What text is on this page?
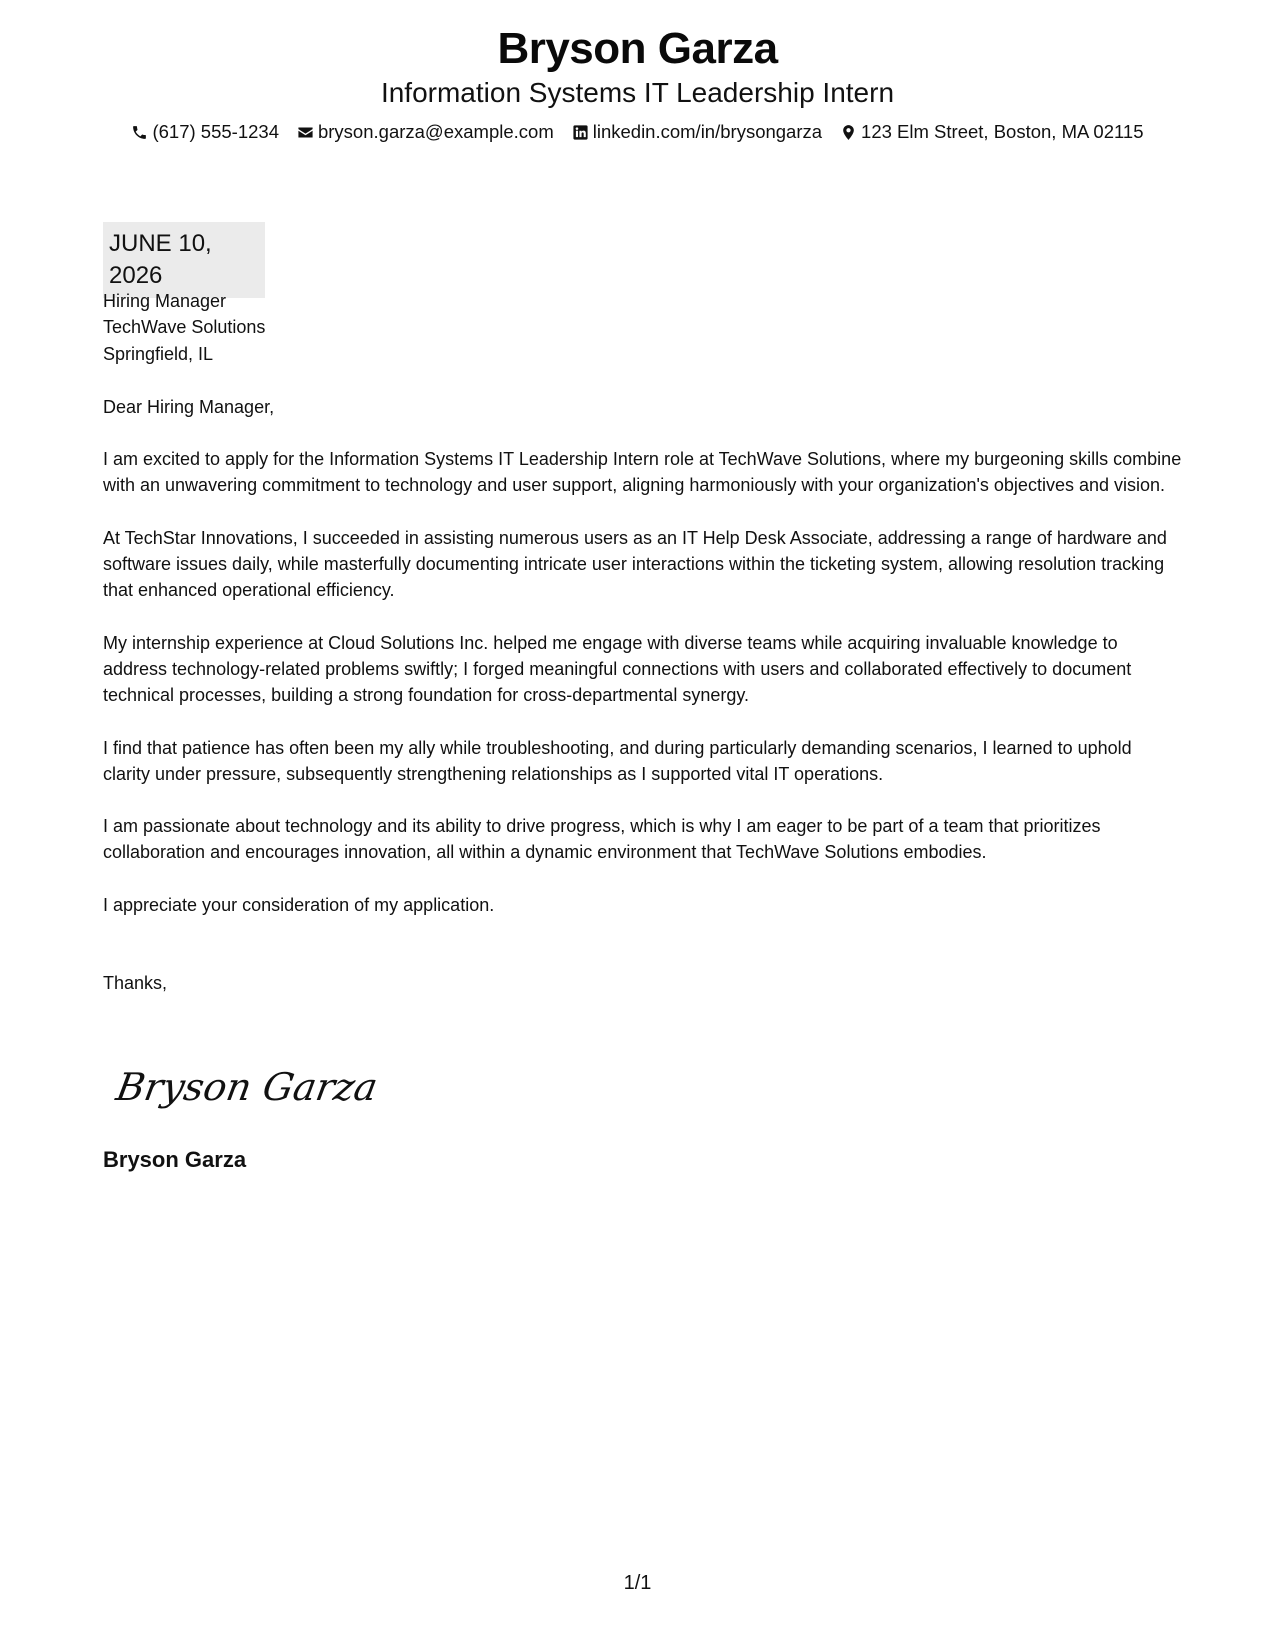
Bryson Garza
Information Systems IT Leadership Intern
(617) 555-1234 bryson.garza@example.com linkedin.com/in/brysongarza 123 Elm Street, Boston, MA 02115
JUNE 10, 2026
Hiring Manager
TechWave Solutions
Springfield, IL
Dear Hiring Manager,
I am excited to apply for the Information Systems IT Leadership Intern role at TechWave Solutions, where my burgeoning skills combine with an unwavering commitment to technology and user support, aligning harmoniously with your organization's objectives and vision.
At TechStar Innovations, I succeeded in assisting numerous users as an IT Help Desk Associate, addressing a range of hardware and software issues daily, while masterfully documenting intricate user interactions within the ticketing system, allowing resolution tracking that enhanced operational efficiency.
My internship experience at Cloud Solutions Inc. helped me engage with diverse teams while acquiring invaluable knowledge to address technology-related problems swiftly; I forged meaningful connections with users and collaborated effectively to document technical processes, building a strong foundation for cross-departmental synergy.
I find that patience has often been my ally while troubleshooting, and during particularly demanding scenarios, I learned to uphold clarity under pressure, subsequently strengthening relationships as I supported vital IT operations.
I am passionate about technology and its ability to drive progress, which is why I am eager to be part of a team that prioritizes collaboration and encourages innovation, all within a dynamic environment that TechWave Solutions embodies.
I appreciate your consideration of my application.
Thanks,
Bryson Garza
Bryson Garza
1/1
